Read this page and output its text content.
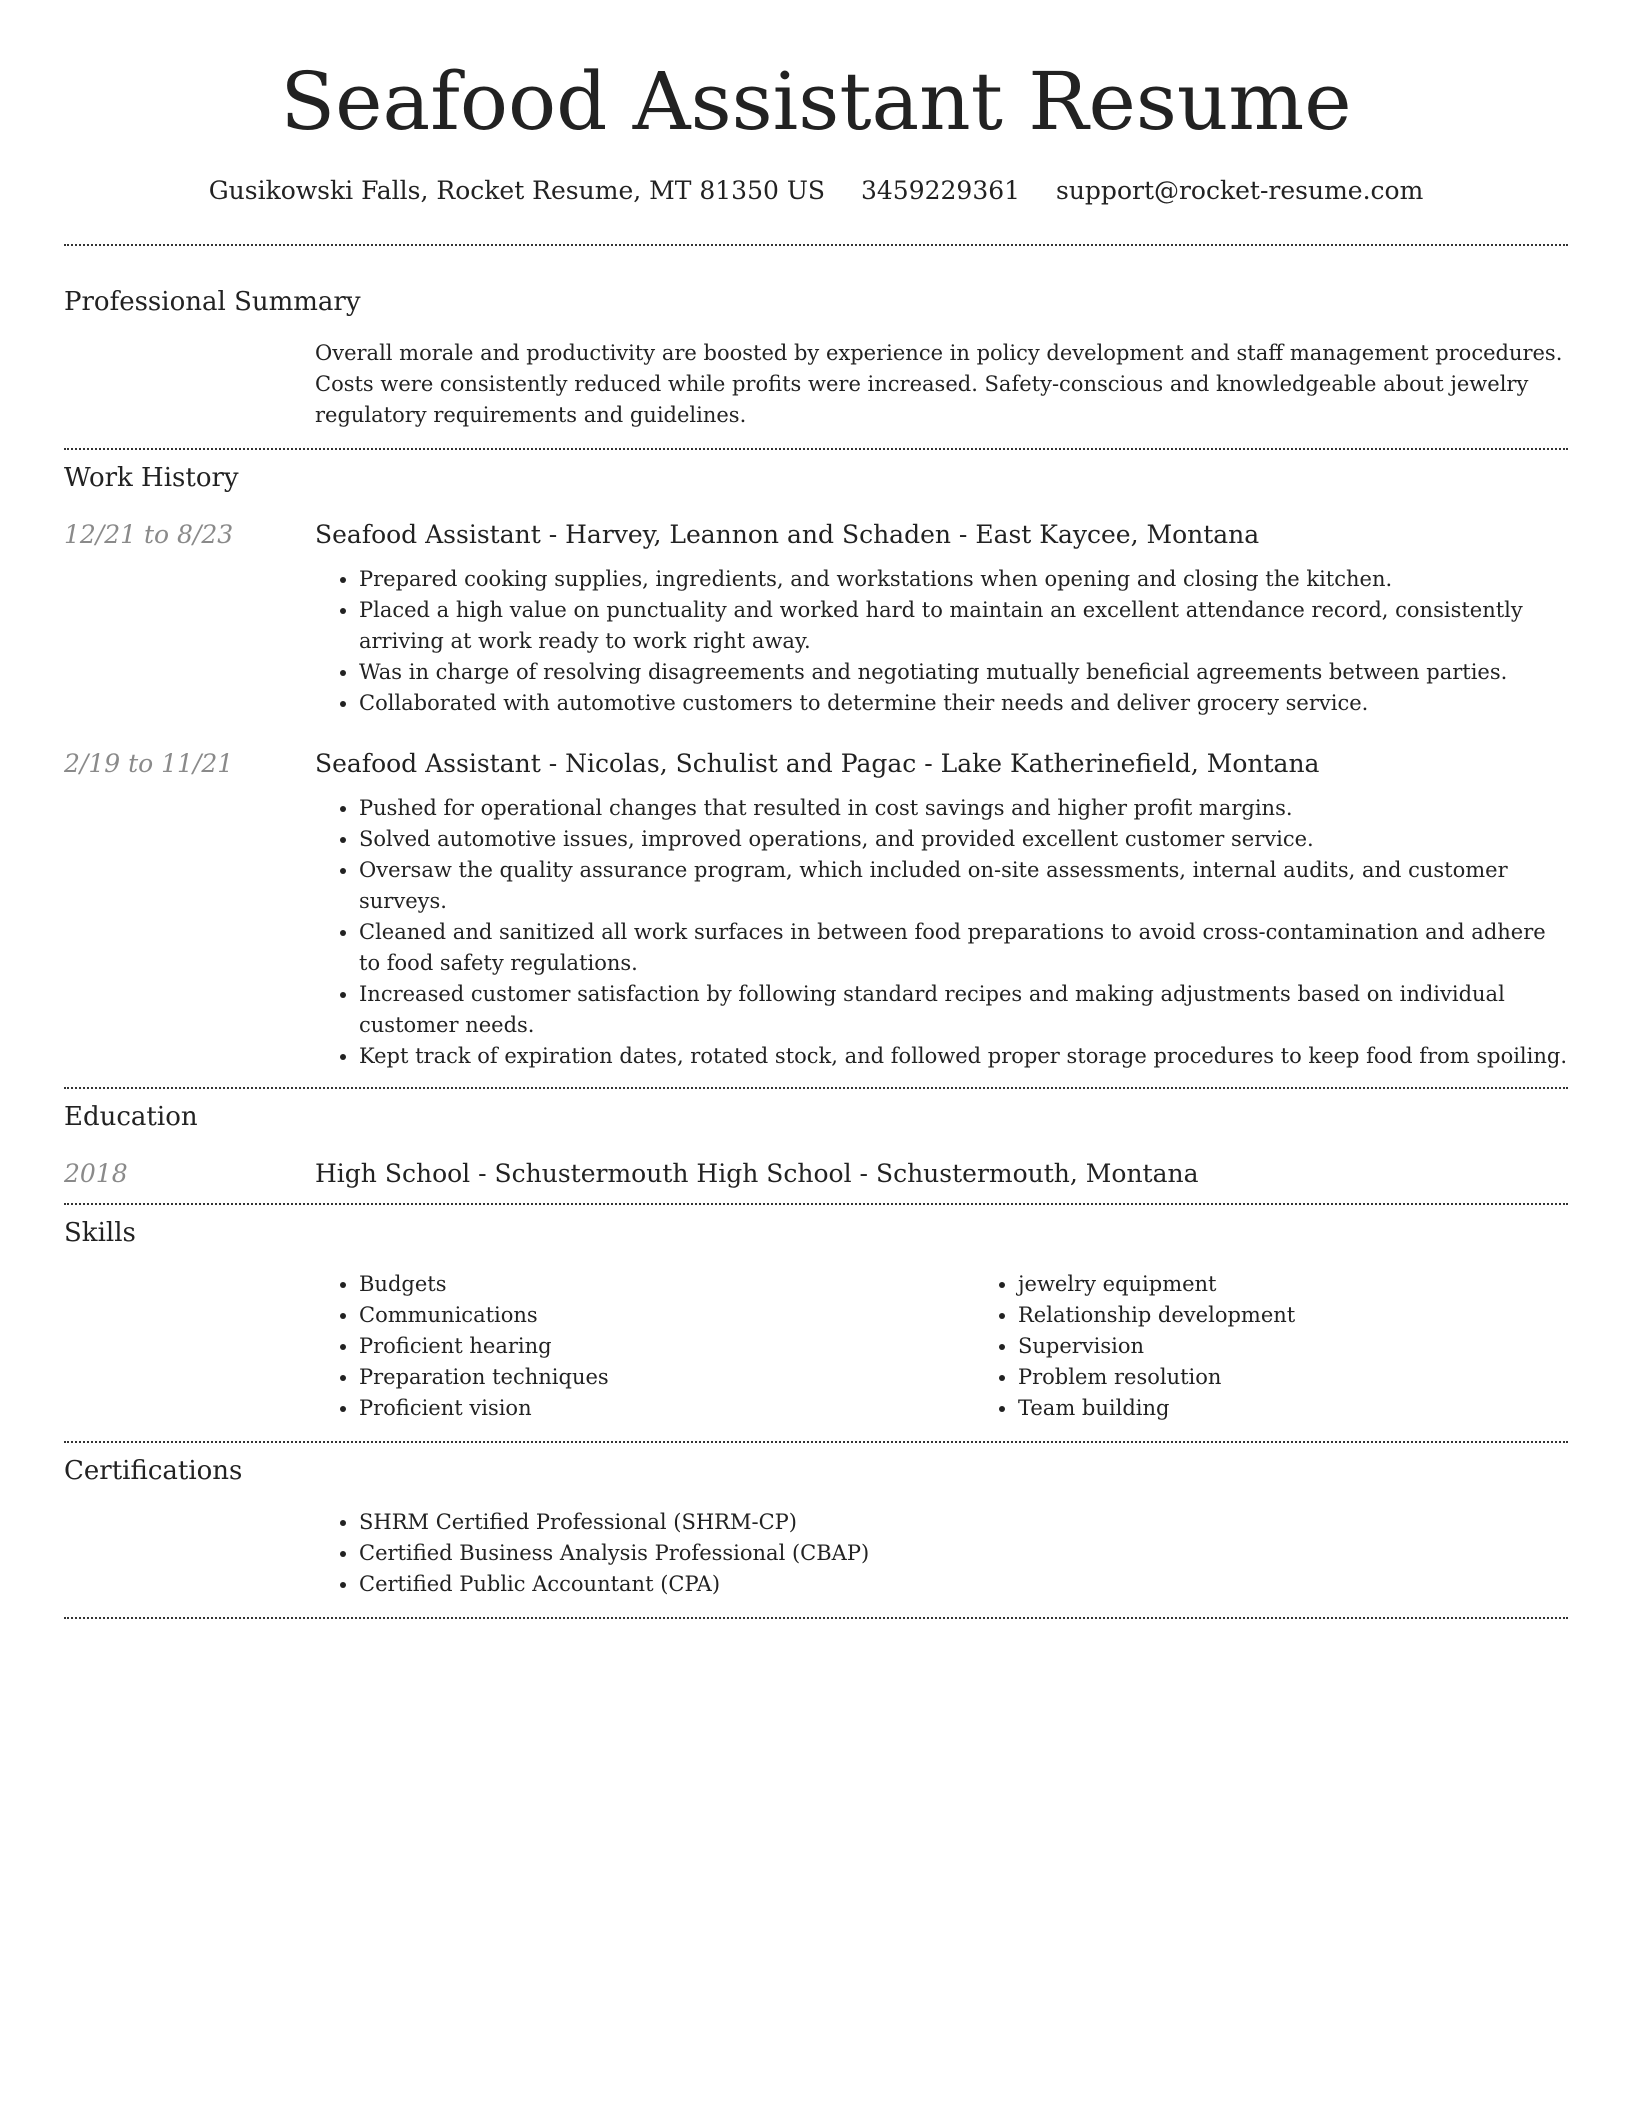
Seafood Assistant Resume
Gusikowski Falls, Rocket Resume, MT 81350 US 3459229361 support@rocket-resume.com
Professional Summary

Overall morale and productivity are boosted by experience in policy development and staff management procedures. Costs were consistently reduced while profits were increased. Safety-conscious and knowledgeable about jewelry regulatory requirements and guidelines.

Work History
12/21 to 8/23	Seafood Assistant - Harvey, Leannon and Schaden - East Kaycee, Montana
• Prepared cooking supplies, ingredients, and workstations when opening and closing the kitchen.
• Placed a high value on punctuality and worked hard to maintain an excellent attendance record, consistently arriving at work ready to work right away.
• Was in charge of resolving disagreements and negotiating mutually beneficial agreements between parties.
• Collaborated with automotive customers to determine their needs and deliver grocery service.
2/19 to 11/21	Seafood Assistant - Nicolas, Schulist and Pagac - Lake Katherinefield, Montana
• Pushed for operational changes that resulted in cost savings and higher profit margins.
• Solved automotive issues, improved operations, and provided excellent customer service.
• Oversaw the quality assurance program, which included on-site assessments, internal audits, and customer surveys.
• Cleaned and sanitized all work surfaces in between food preparations to avoid cross-contamination and adhere to food safety regulations.
• Increased customer satisfaction by following standard recipes and making adjustments based on individual customer needs.
• Kept track of expiration dates, rotated stock, and followed proper storage procedures to keep food from spoiling.
Education
2018	High School - Schustermouth High School - Schustermouth, Montana
Skills
• Budgets
• Communications
• Proficient hearing
• Preparation techniques
• Proficient vision
• jewelry equipment
• Relationship development
• Supervision
• Problem resolution
• Team building
Certifications
• SHRM Certified Professional (SHRM-CP)
• Certified Business Analysis Professional (CBAP)
• Certified Public Accountant (CPA)
